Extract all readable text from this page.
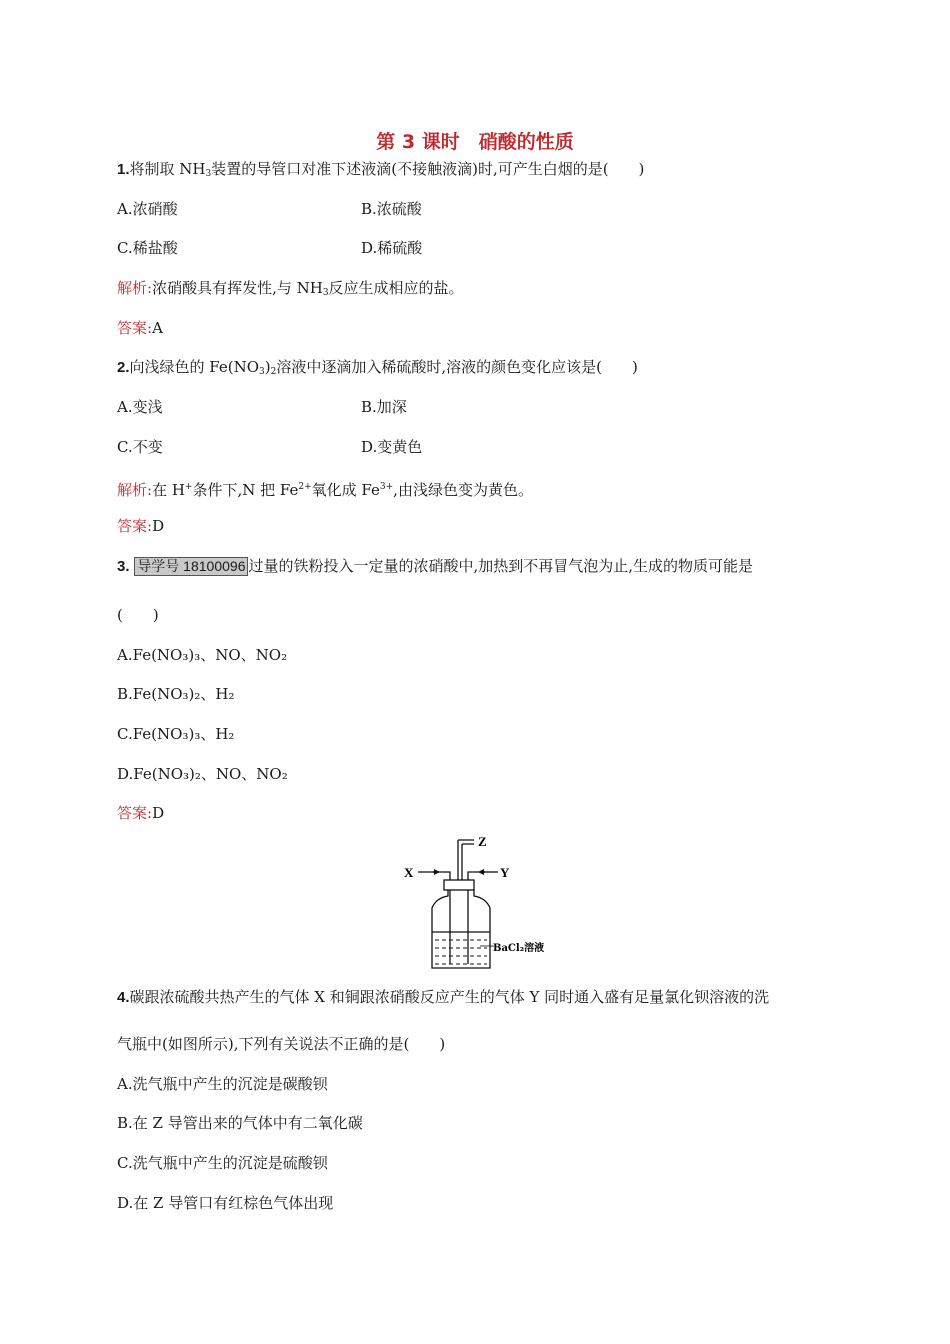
第 3 课时　硝酸的性质
1.将制取 $NH_3$装置的导管口对准下述液滴(不接触液滴)时,可产生白烟的是(　　)
A.浓硝酸	B.浓硫酸
C.稀盐酸	D.稀硫酸
解析:浓硝酸具有挥发性,与 $NH_3$反应生成相应的盐。
答案:A
2.向浅绿色的 $Fe(NO_3)_2$溶液中逐滴加入稀硫酸时,溶液的颜色变化应该是(　　)
A.变浅	B.加深
C.不变	D.变黄色
解析:在 H+条件下,N 把 $Fe^{2+}$氧化成 $Fe^{3+}$,由浅绿色变为黄色。
答案:D
3. 导学号 18100096 过量的铁粉投入一定量的浓硝酸中,加热到不再冒气泡为止,生成的物质可能是
(　　)
A.Fe(NO₃)₃、NO、NO₂
B.Fe(NO₃)₂、H₂
C.Fe(NO₃)₃、H₂
D.Fe(NO₃)₂、NO、NO₂
答案:D
X	Y
Z
BaCl₂溶液
4.碳跟浓硫酸共热产生的气体 X 和铜跟浓硝酸反应产生的气体 Y 同时通入盛有足量氯化钡溶液的洗
气瓶中(如图所示),下列有关说法不正确的是(　　)
A.洗气瓶中产生的沉淀是碳酸钡
B.在 Z 导管出来的气体中有二氧化碳
C.洗气瓶中产生的沉淀是硫酸钡
D.在 Z 导管口有红棕色气体出现
